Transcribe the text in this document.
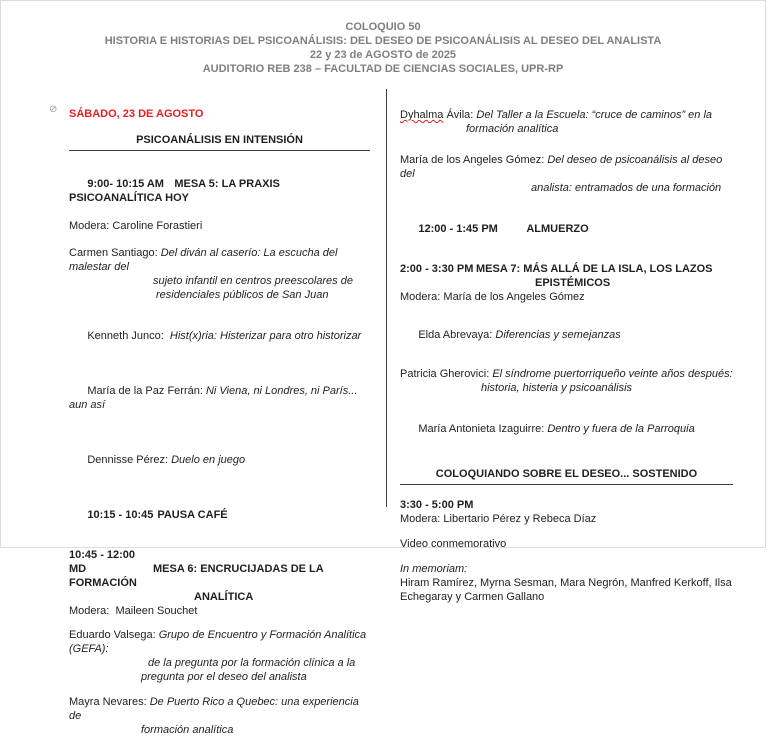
COLOQUIO 50
HISTORIA E HISTORIAS DEL PSICOANÁLISIS: DEL DESEO DE PSICOANÁLISIS AL DESEO DEL ANALISTA
22 y 23 de AGOSTO de 2025
AUDITORIO REB 238 – FACULTAD DE CIENCIAS SOCIALES, UPR-RP
⊘ SÁBADO, 23 DE AGOSTO
PSICOANÁLISIS EN INTENSIÓN

9:00- 10:15 AM MESA 5: LA PRAXIS PSICOANALÍTICA HOY

Modera: Caroline Forastieri
Carmen Santiago: Del diván al caserío: La escucha del malestar del
sujeto infantil en centros preescolares de
residenciales públicos de San Juan

Kenneth Junco:  Hist(x)ria: Histerizar para otro historizar

María de la Paz Ferrán: Ni Viena, ni Londres, ni París... aun así

Dennisse Pérez: Duelo en juego

10:15 - 10:45 PAUSA CAFÉ

10:45 - 12:00 MD	MESA 6: ENCRUCIJADAS DE LA FORMACIÓN
ANALÍTICA
Modera:  Maileen Souchet
Eduardo Valsega: Grupo de Encuentro y Formación Analítica (GEFA):
de la pregunta por la formación clínica a la
pregunta por el deseo del analista
Mayra Nevares: De Puerto Rico a Quebec: una experiencia de
formación analítica
Dyhalma Ávila: Del Taller a la Escuela: “cruce de caminos” en la
formación analítica
María de los Angeles Gómez: Del deseo de psicoanálisis al deseo del
analista: entramados de una formación

12:00 - 1:45 PM	ALMUERZO

2:00 - 3:30 PM MESA 7: MÁS ALLÁ DE LA ISLA, LOS LAZOS
EPISTÉMICOS
Modera: María de los Angeles Gómez

Elda Abrevaya: Diferencias y semejanzas

Patricia Gherovici: El síndrome puertorriqueño veinte años después:
historia, histeria y psicoanálisis

María Antonieta Izaguirre: Dentro y fuera de la Parroquia

COLOQUIANDO SOBRE EL DESEO... SOSTENIDO
3:30 - 5:00 PM
Modera: Libertario Pérez y Rebeca Díaz
Video conmemorativo
In memoriam:
Hiram Ramírez, Myrna Sesman, Mara Negrón, Manfred Kerkoff, Ilsa
Echegaray y Carmen Gallano
